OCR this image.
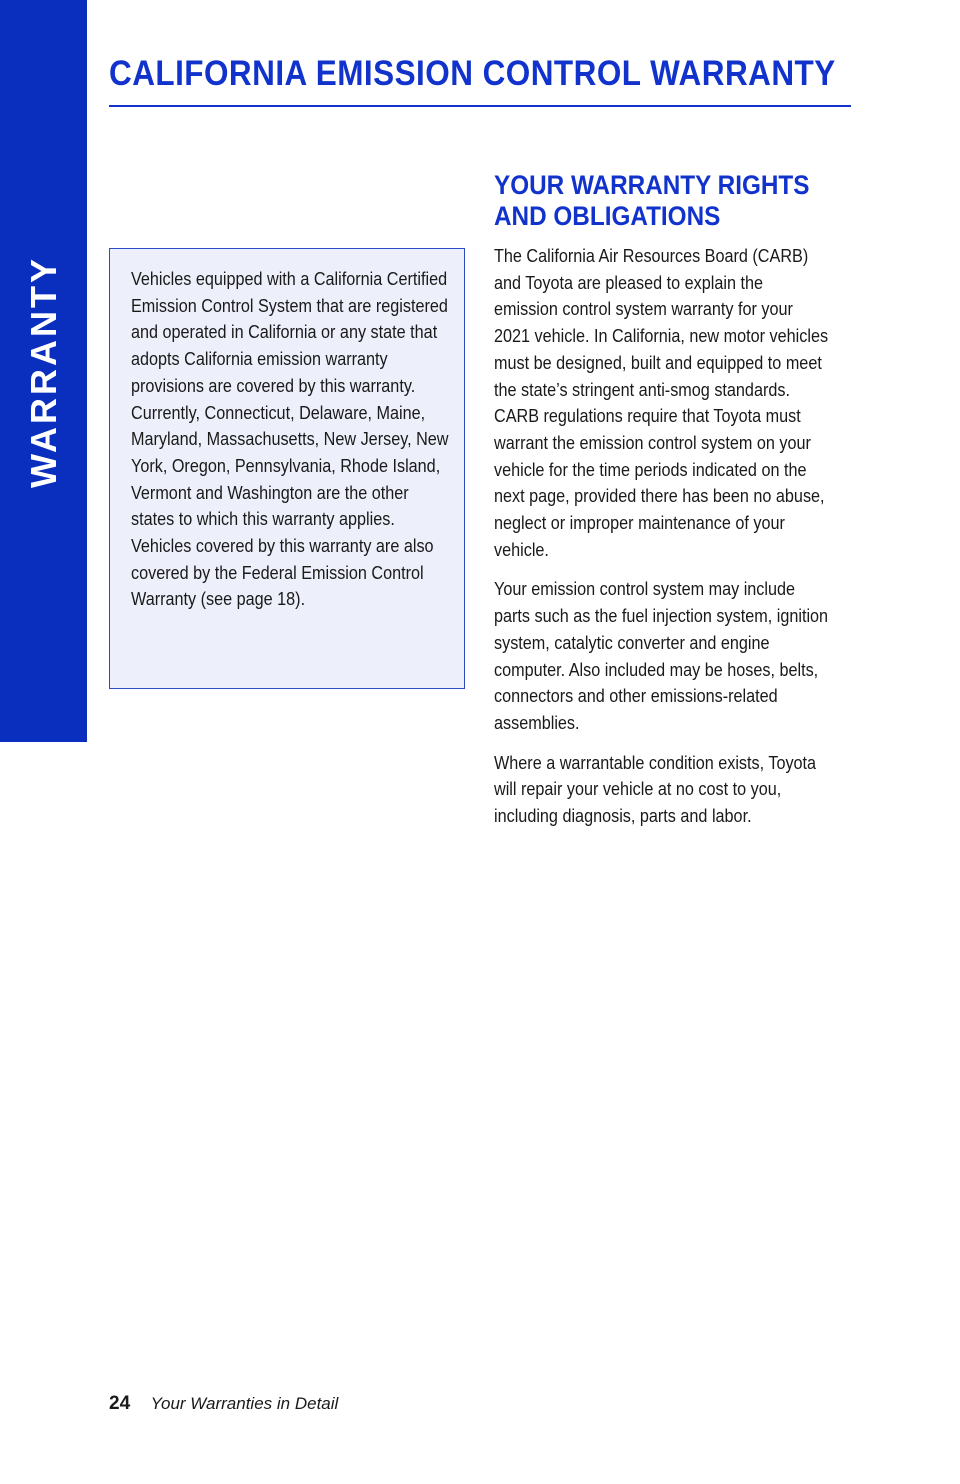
WARRANTY
CALIFORNIA EMISSION CONTROL WARRANTY

Vehicles equipped with a California Certified Emission Control System that are registered and operated in California or any state that adopts California emission warranty provisions are covered by this warranty. Currently, Connecticut, Delaware, Maine, Maryland, Massachusetts, New Jersey, New York, Oregon, Pennsylvania, Rhode Island, Vermont and Washington are the other states to which this warranty applies. Vehicles covered by this warranty are also covered by the Federal Emission Control Warranty (see page 18).

YOUR WARRANTY RIGHTS AND OBLIGATIONS

The California Air Resources Board (CARB) and Toyota are pleased to explain the emission control system warranty for your 2021 vehicle. In California, new motor vehicles must be designed, built and equipped to meet the state’s stringent anti-smog standards. CARB regulations require that Toyota must warrant the emission control system on your vehicle for the time periods indicated on the next page, provided there has been no abuse, neglect or improper maintenance of your vehicle.

Your emission control system may include parts such as the fuel injection system, ignition system, catalytic converter and engine computer. Also included may be hoses, belts, connectors and other emissions-related assemblies.

Where a warrantable condition exists, Toyota will repair your vehicle at no cost to you, including diagnosis, parts and labor.

24 Your Warranties in Detail
